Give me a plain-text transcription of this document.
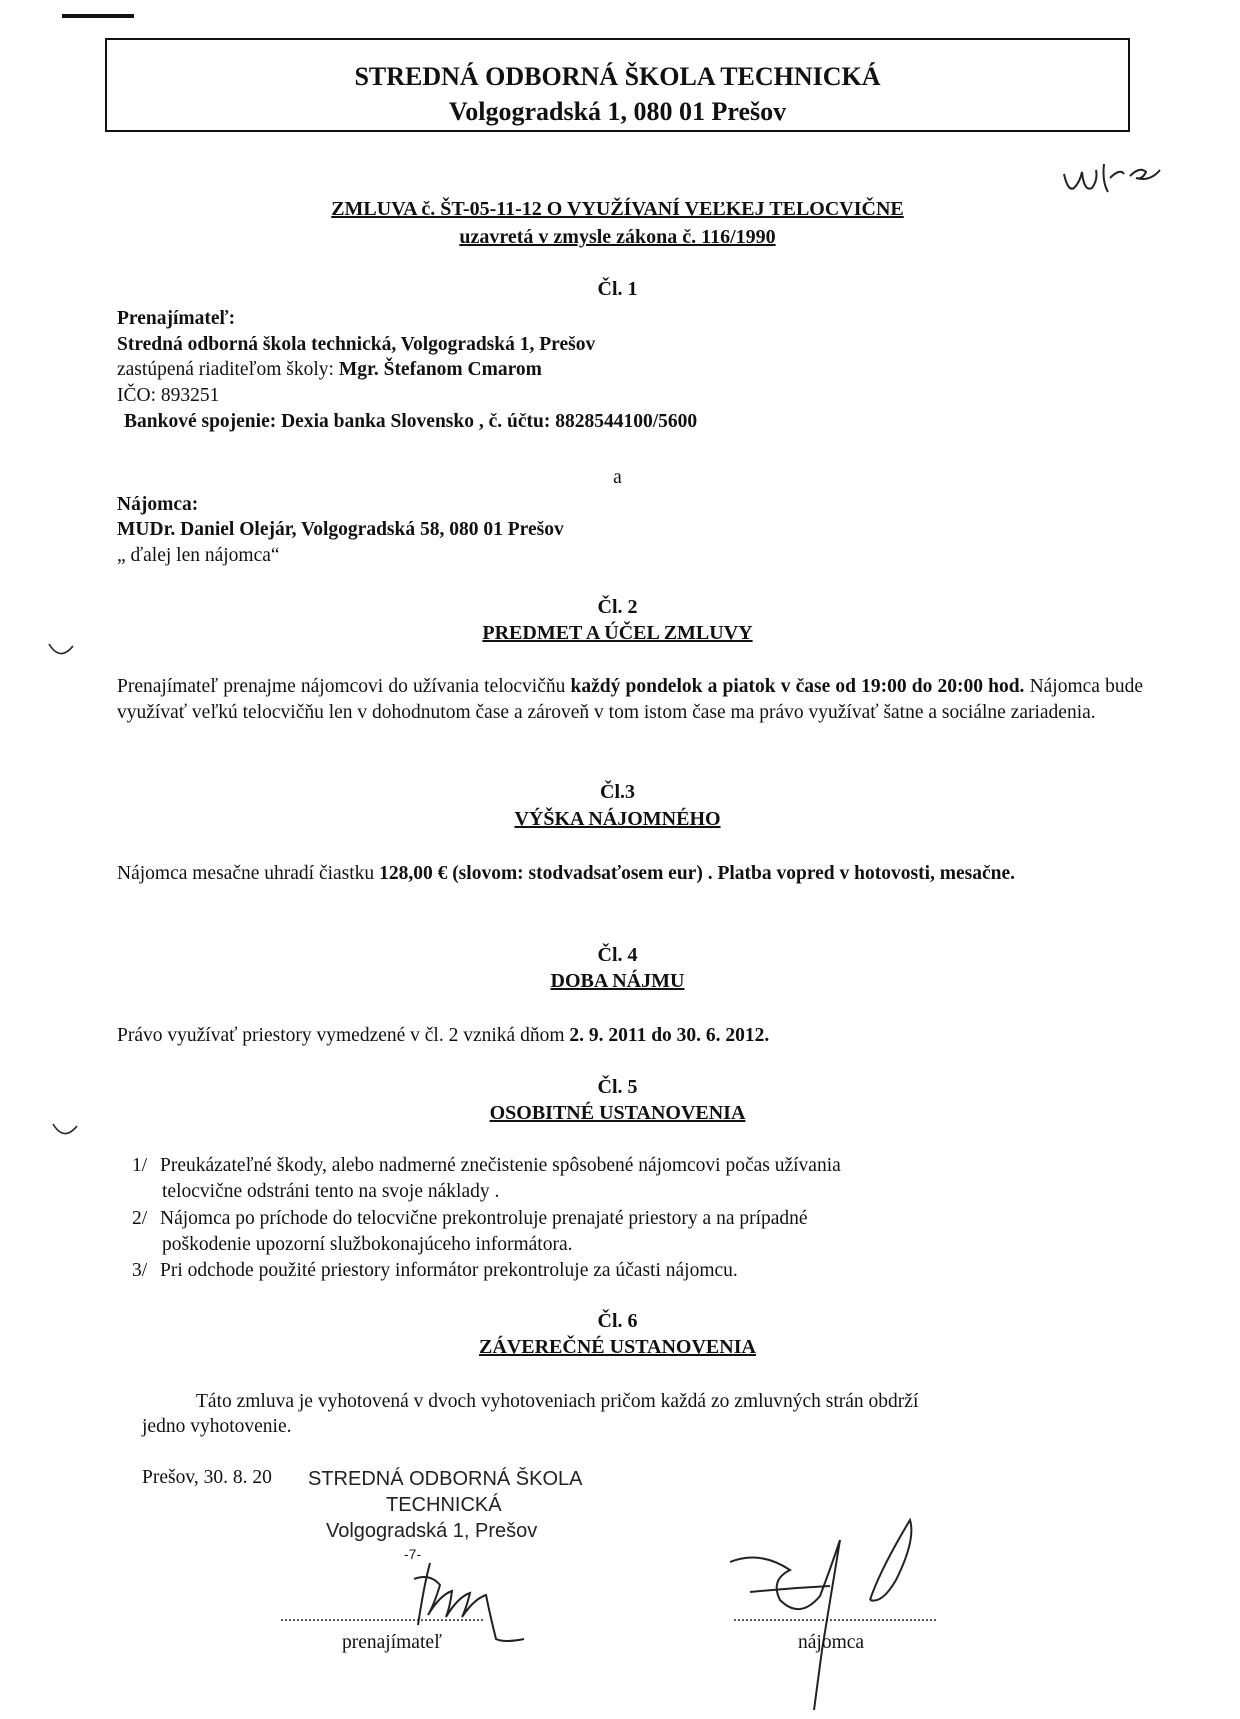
STREDNÁ ODBORNÁ ŠKOLA TECHNICKÁ
Volgogradská 1, 080 01 Prešov
ZMLUVA č. ŠT-05-11-12 O VYUŽÍVANÍ VEĽKEJ TELOCVIČNE
uzavretá v zmysle zákona č. 116/1990
Čl. 1
Prenajímateľ:
Stredná odborná škola technická, Volgogradská 1, Prešov
zastúpená riaditeľom školy: Mgr. Štefanom Cmarom
IČO: 893251
Bankové spojenie: Dexia banka Slovensko , č. účtu: 8828544100/5600
a
Nájomca:
MUDr. Daniel Olejár, Volgogradská 58, 080 01 Prešov
„ ďalej len nájomca“
Čl. 2
PREDMET A ÚČEL ZMLUVY
Prenajímateľ prenajme nájomcovi do užívania telocvičňu každý pondelok a piatok v čase od 19:00 do 20:00 hod. Nájomca bude využívať veľkú telocvičňu len v dohodnutom čase a zároveň v tom istom čase ma právo využívať šatne a sociálne zariadenia.
Čl.3
VÝŠKA NÁJOMNÉHO
Nájomca mesačne uhradí čiastku 128,00 € (slovom: stodvadsaťosem eur) . Platba vopred v hotovosti, mesačne.
Čl. 4
DOBA NÁJMU
Právo využívať priestory vymedzené v čl. 2 vzniká dňom 2. 9. 2011 do 30. 6. 2012.
Čl. 5
OSOBITNÉ USTANOVENIA
1/ Preukázateľné škody, alebo nadmerné znečistenie spôsobené nájomcovi počas užívania
telocvične odstráni tento na svoje náklady .
2/ Nájomca po príchode do telocvične prekontroluje prenajaté priestory a na prípadné
poškodenie upozorní službokonajúceho informátora.
3/ Pri odchode použité priestory informátor prekontroluje za účasti nájomcu.
Čl. 6
ZÁVEREČNÉ USTANOVENIA
Táto zmluva je vyhotovená v dvoch vyhotoveniach pričom každá zo zmluvných strán obdrží
jedno vyhotovenie.
Prešov, 30. 8. 20 STREDNÁ ODBORNÁ ŠKOLA
TECHNICKÁ
Volgogradská 1, Prešov
-7-
...................................................
prenajímateľ
...................................................
nájomca
